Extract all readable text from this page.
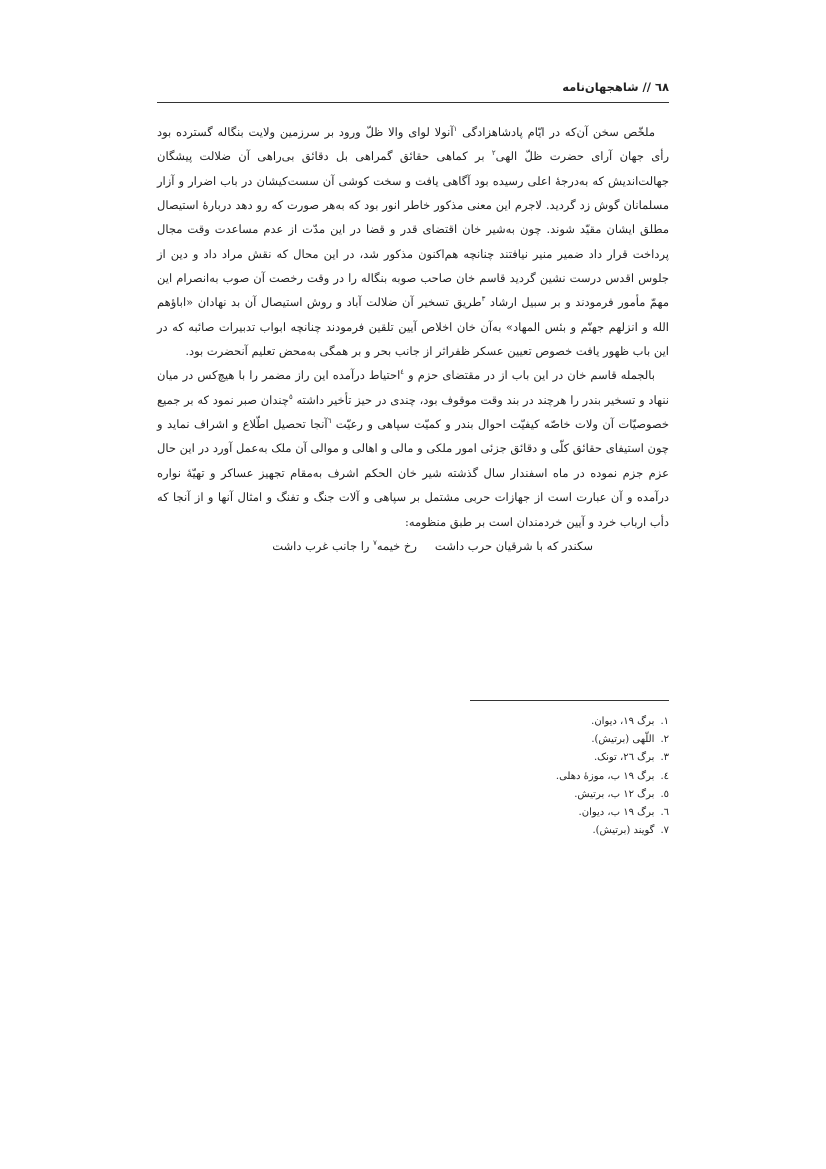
٦٨ // شاهجهان‌نامه

ملخّص سخن آن‌که در ایّام پادشاهزادگی $^١$آنولا لوای والا ظلّ ورود بر سرزمین ولایت بنگاله گسترده بود رأی جهان آرای حضرت ظلّ الهی$^٢$ بر کماهی حقائق گمراهی بل دقائق بی‌راهی آن ضلالت پیشگان جهالت‌اندیش که به‌درجهٔ اعلی رسیده بود آگاهی یافت و سخت کوشی آن سست‌کیشان در باب اضرار و آزار مسلمانان گوش زد گردید. لاجرم این معنی مذکور خاطر انور بود که به‌هر صورت که رو دهد دربارهٔ استیصال مطلق ایشان مقیّد شوند. چون به‌شیر خان اقتضای قدر و قضا در این مدّت از عدم مساعدت وقت مجال پرداخت قرار داد ضمیر منیر نیافتند چنانچه هم‌اکنون مذکور شد، در این محال که نقش مراد داد و دین از جلوس اقدس درست نشین گردید قاسم خان صاحب صوبه بنگاله را در وقت رخصت آن صوب به‌انصرام این مهمّ مأمور فرمودند و بر سبیل ارشاد $^٣$طریق تسخیر آن ضلالت آباد و روش استیصال آن بد نهادان «اباؤهم الله و انزلهم جهنّم و بئس المهاد» به‌آن خان اخلاص آیین تلقین فرمودند چنانچه ابواب تدبیرات صائبه که در این باب ظهور یافت خصوص تعیین عسکر ظفراثر از جانب بحر و بر همگی به‌محض تعلیم آنحضرت بود.

بالجمله قاسم خان در این باب از در مقتضای حزم و $^٤$احتیاط درآمده این راز مضمر را با هیچ‌کس در میان ننهاد و تسخیر بندر را هرچند در بند وقت موقوف بود، چندی در حیز تأخیر داشته $^٥$چندان صبر نمود که بر جمیع خصوصیّات آن ولات خاصّه کیفیّت احوال بندر و کمیّت سپاهی و رعیّت $^٦$آنجا تحصیل اطّلاع و اشراف نماید و چون استیفای حقائق کلّی و دقائق جزئی امور ملکی و مالی و اهالی و موالی آن ملک به‌عمل آورد در این حال عزم جزم نموده در ماه اسفندار سال گذشته شیر خان الحکم اشرف به‌مقام تجهیز عساکر و تهیّهٔ نواره درآمده و آن عبارت است از جهازات حربی مشتمل بر سپاهی و آلات جنگ و تفنگ و امثال آنها و از آنجا که دأب ارباب خرد و آیین خردمندان است بر طبق منظومه:

سکندر که با شرقیان حرب داشترخ خیمه$^٧$ را جانب غرب داشت

١.برگ ١٩، دیوان.
٢.اللّهی (برتیش).
٣.برگ ٢٦، تونک.
٤.برگ ١٩ ب، موزهٔ دهلی.
٥.برگ ١٢ ب، برتیش.
٦.برگ ١٩ ب، دیوان.
٧.گویند (برتیش).
